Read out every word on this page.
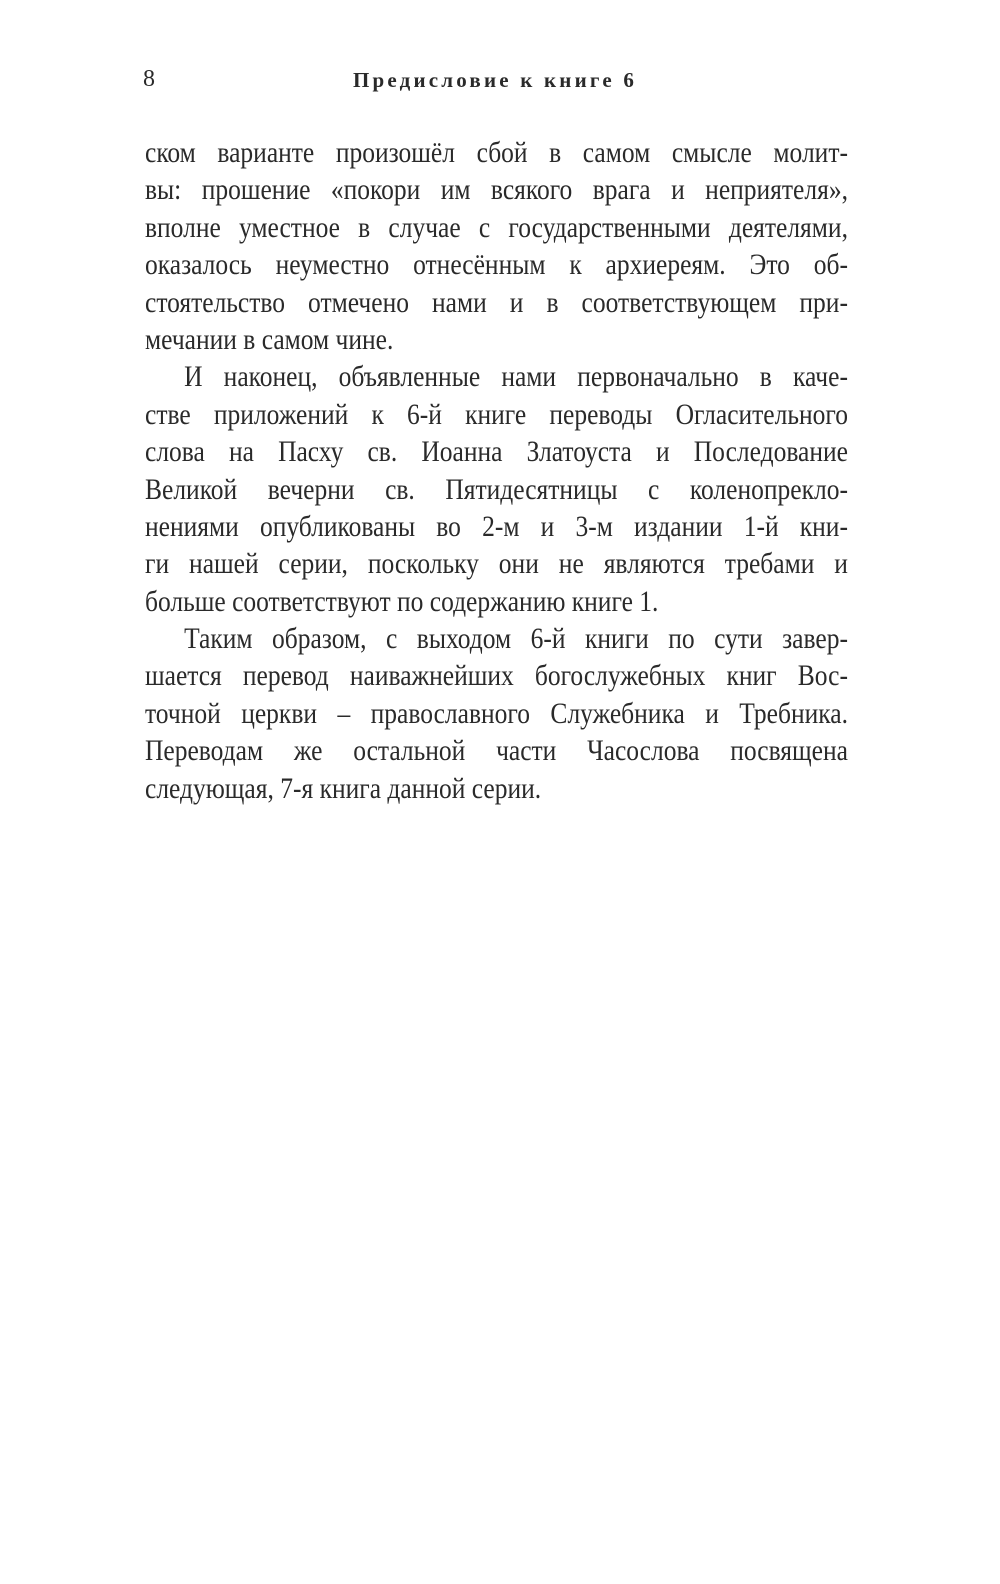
8	Предисловие к книге 6
ском варианте произошёл сбой в самом смысле молит-
вы: прошение «покори им всякого врага и неприятеля»,
вполне уместное в случае с государственными деятелями,
оказалось неуместно отнесённым к архиереям. Это об-
стоятельство отмечено нами и в соответствующем при-
мечании в самом чине.
И наконец, объявленные нами первоначально в каче-
стве приложений к 6-й книге переводы Огласительного
слова на Пасху св. Иоанна Златоуста и Последование
Великой вечерни св. Пятидесятницы с коленопрекло-
нениями опубликованы во 2-м и 3-м издании 1-й кни-
ги нашей серии, поскольку они не являются требами и
больше соответствуют по содержанию книге 1.
Таким образом, с выходом 6-й книги по сути завер-
шается перевод наиважнейших богослужебных книг Вос-
точной церкви – православного Служебника и Требника.
Переводам же остальной части Часослова посвящена
следующая, 7-я книга данной серии.
